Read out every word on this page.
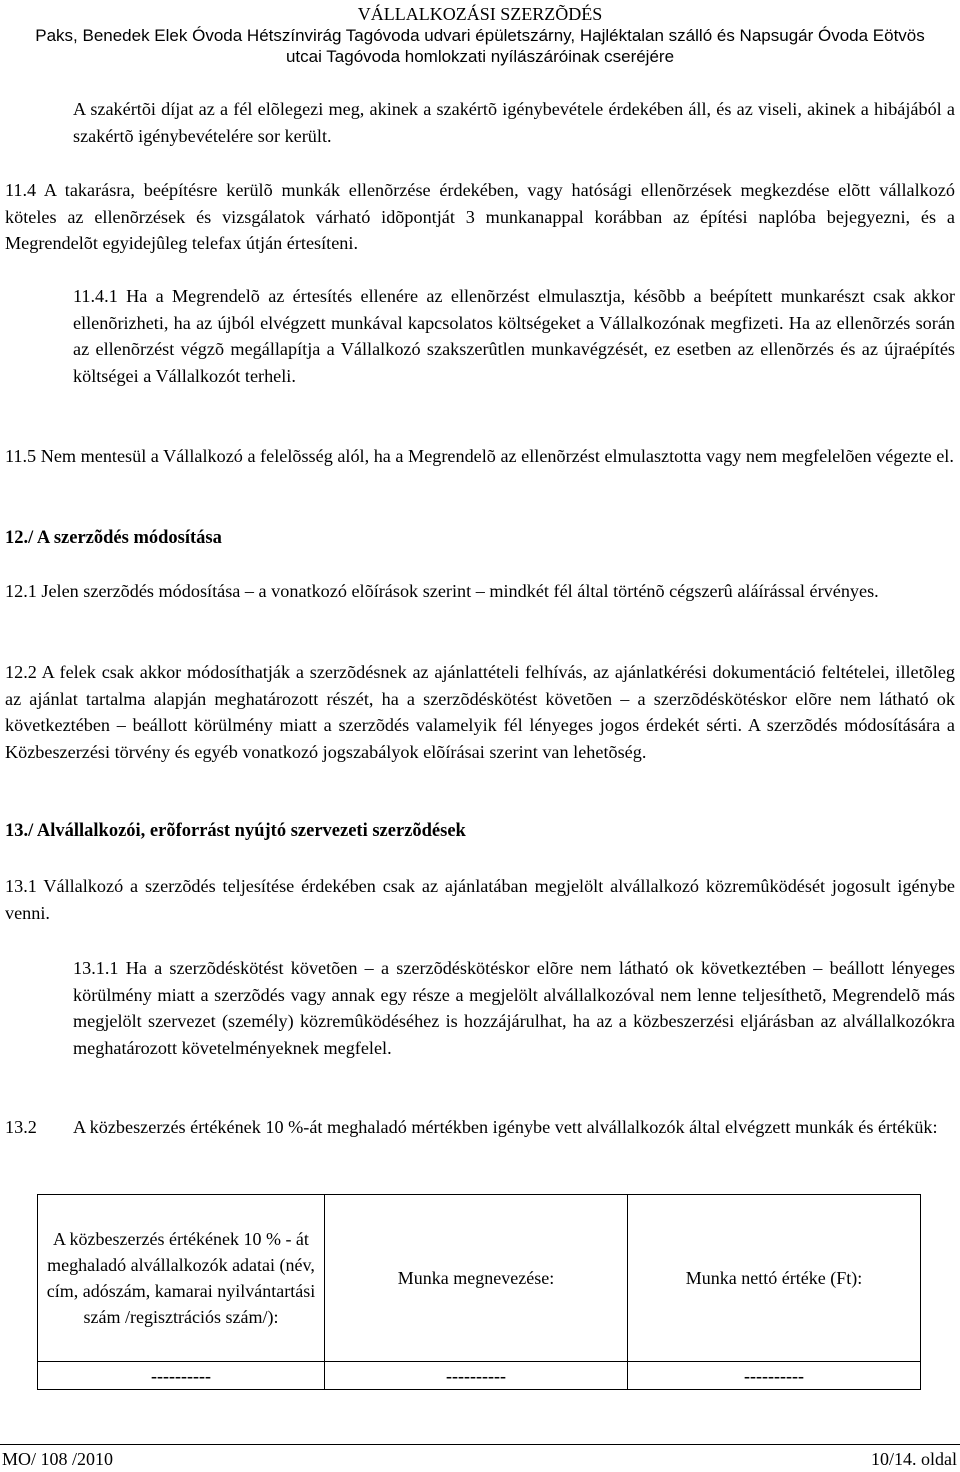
VÁLLALKOZÁSI SZERZÕDÉS
Paks, Benedek Elek Óvoda Hétszínvirág Tagóvoda udvari épületszárny, Hajléktalan szálló és Napsugár Óvoda Eötvös
utcai Tagóvoda homlokzati nyílászáróinak cseréjére

A szakértõi díjat az a fél elõlegezi meg, akinek a szakértõ igénybevétele érdekében áll, és az viseli, akinek a hibájából a szakértõ igénybevételére sor került.

11.4 A takarásra, beépítésre kerülõ munkák ellenõrzése érdekében, vagy hatósági ellenõrzések megkezdése elõtt vállalkozó köteles az ellenõrzések és vizsgálatok várható idõpontját 3 munkanappal korábban az építési naplóba bejegyezni, és a Megrendelõt egyidejûleg telefax útján értesíteni.

11.4.1 Ha a Megrendelõ az értesítés ellenére az ellenõrzést elmulasztja, késõbb a beépített munkarészt csak akkor ellenõrizheti, ha az újból elvégzett munkával kapcsolatos költségeket a Vállalkozónak megfizeti. Ha az ellenõrzés során az ellenõrzést végzõ megállapítja a Vállalkozó szakszerûtlen munkavégzését, ez esetben az ellenõrzés és az újraépítés költségei a Vállalkozót terheli.

11.5 Nem mentesül a Vállalkozó a felelõsség alól, ha a Megrendelõ az ellenõrzést elmulasztotta vagy nem megfelelõen végezte el.

12./ A szerzõdés módosítása

12.1 Jelen szerzõdés módosítása – a vonatkozó elõírások szerint – mindkét fél által történõ cégszerû aláírással érvényes.

12.2 A felek csak akkor módosíthatják a szerzõdésnek az ajánlattételi felhívás, az ajánlatkérési dokumentáció feltételei, illetõleg az ajánlat tartalma alapján meghatározott részét, ha a szerzõdéskötést követõen – a szerzõdéskötéskor elõre nem látható ok következtében – beállott körülmény miatt a szerzõdés valamelyik fél lényeges jogos érdekét sérti. A szerzõdés módosítására a Közbeszerzési törvény és egyéb vonatkozó jogszabályok elõírásai szerint van lehetõség.

13./ Alvállalkozói, erõforrást nyújtó szervezeti szerzõdések

13.1 Vállalkozó a szerzõdés teljesítése érdekében csak az ajánlatában megjelölt alvállalkozó közremûködését jogosult igénybe venni.

13.1.1 Ha a szerzõdéskötést követõen – a szerzõdéskötéskor elõre nem látható ok következtében – beállott lényeges körülmény miatt a szerzõdés vagy annak egy része a megjelölt alvállalkozóval nem lenne teljesíthetõ, Megrendelõ más megjelölt szervezet (személy) közremûködéséhez is hozzájárulhat, ha az a közbeszerzési eljárásban az alvállalkozókra meghatározott követelményeknek megfelel.

13.2 A közbeszerzés értékének 10 %-át meghaladó mértékben igénybe vett alvállalkozók által elvégzett munkák és értékük:

A közbeszerzés értékének 10 % - át meghaladó alvállalkozók adatai (név, cím, adószám, kamarai nyilvántartási szám /regisztrációs szám/):	Munka megnevezése:	Munka nettó értéke (Ft):
----------	----------	----------
MO/ 108 /2010	10/14. oldal
